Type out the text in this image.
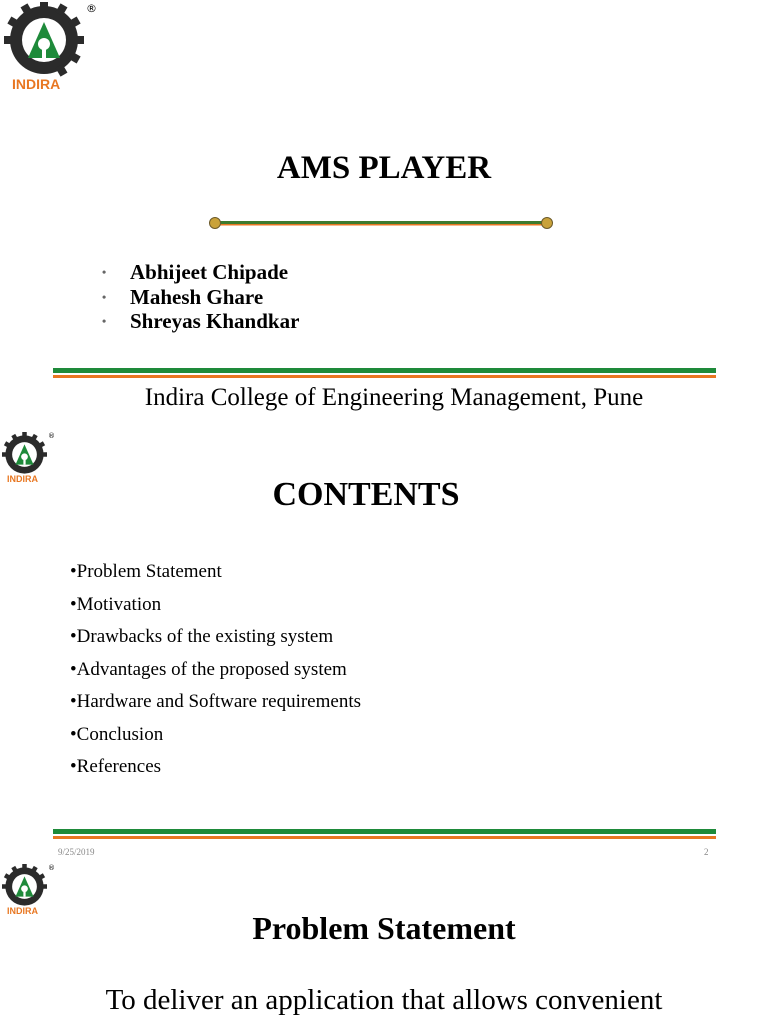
®
INDIRA
AMS PLAYER
• Abhijeet Chipade
• Mahesh Ghare
• Shreyas Khandkar
Indira College of Engineering Management, Pune
®
INDIRA	CONTENTS
•Problem Statement
•Motivation
•Drawbacks of the existing system
•Advantages of the proposed system
•Hardware and Software requirements
•Conclusion
•References
9/25/2019	2
®
INDIRA	Problem Statement
To deliver an application that allows convenient
